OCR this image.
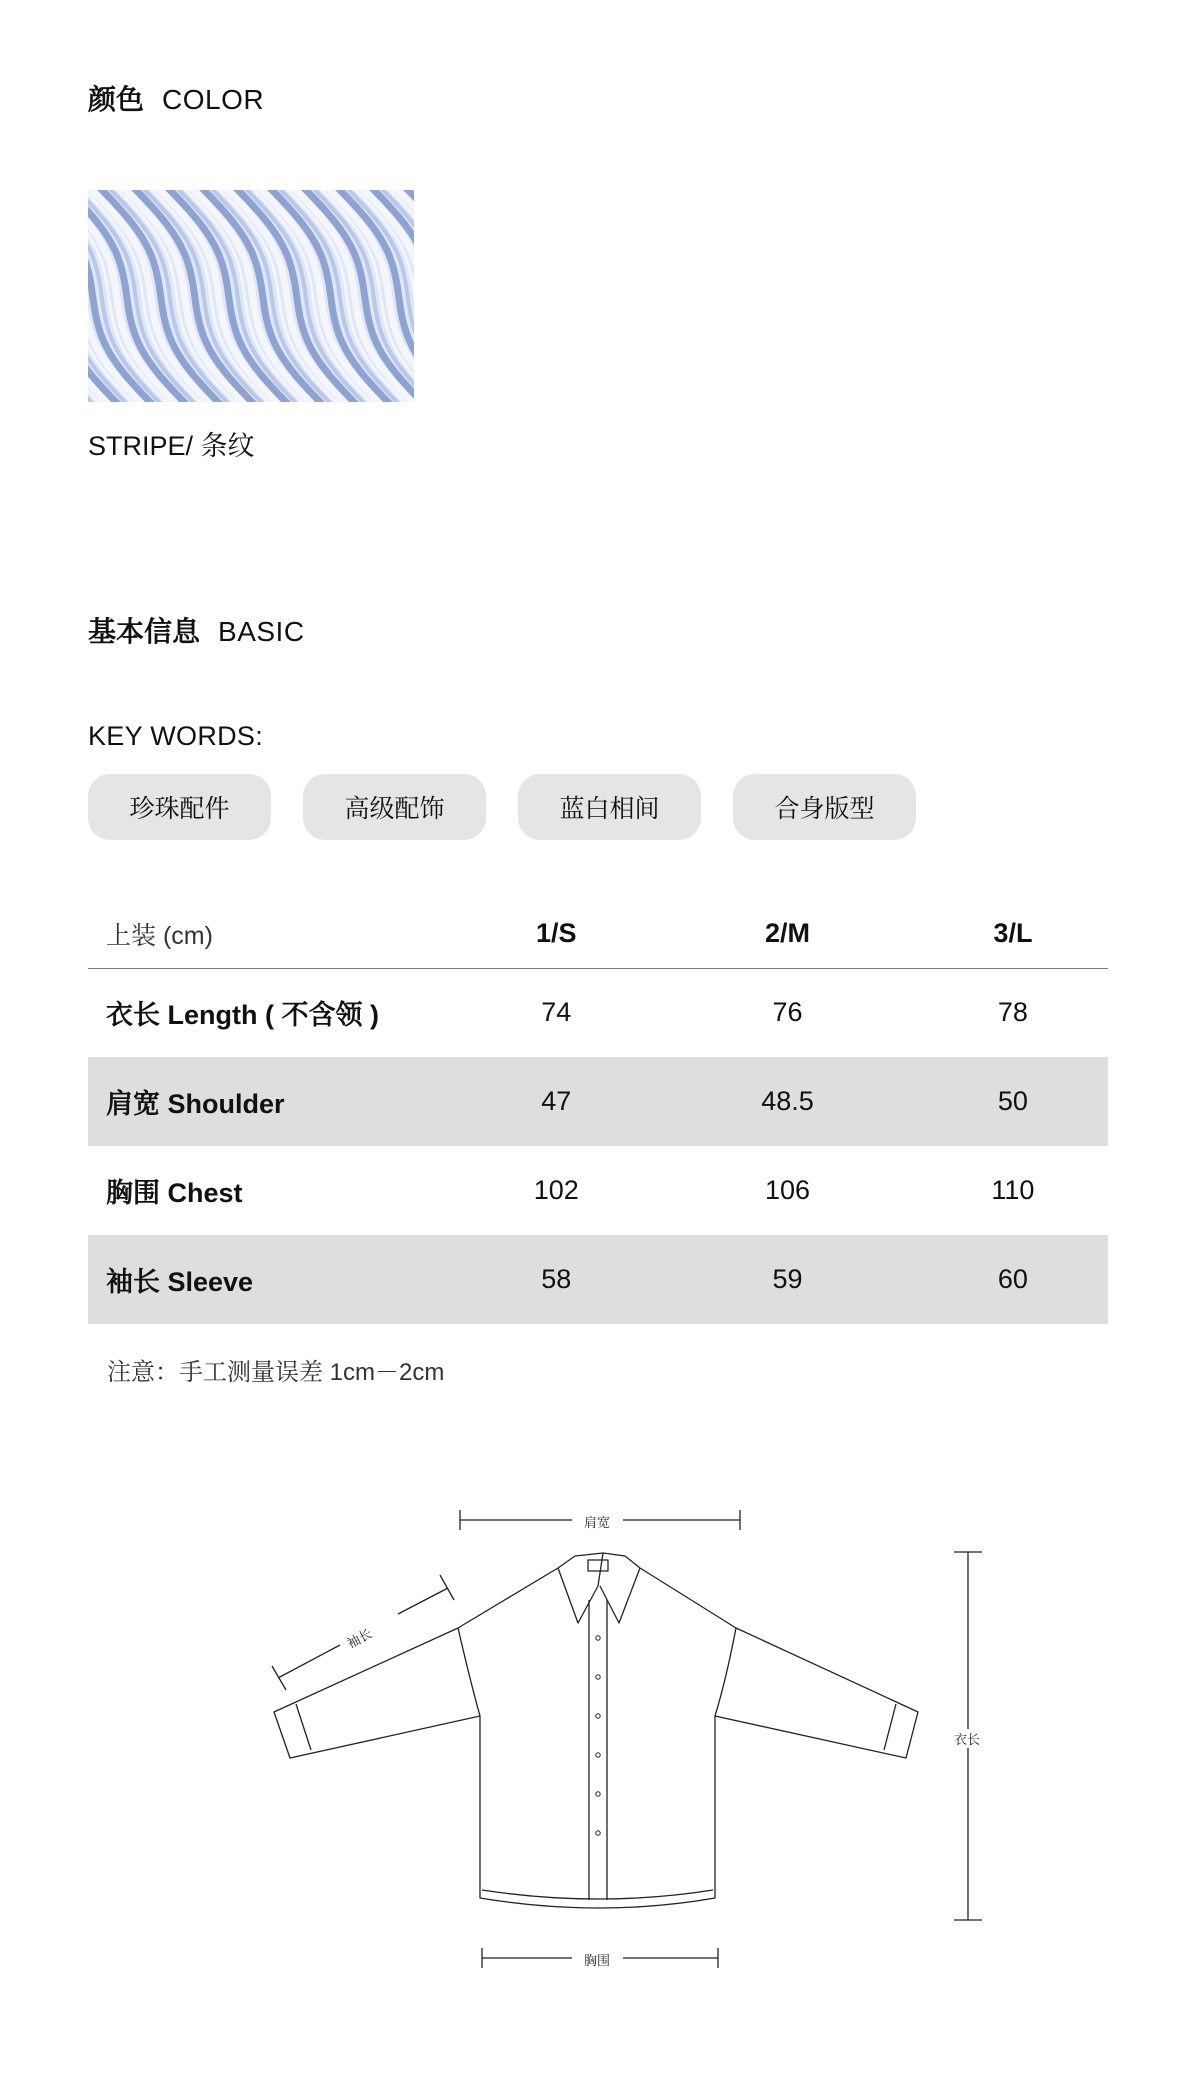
颜色 COLOR
STRIPE/ 条纹
基本信息 BASIC
KEY WORDS:
珍珠配件	高级配饰	蓝白相间	合身版型
上装 (cm)	1/S	2/M	3/L
衣长 Length ( 不含领 )	74	76	78
肩宽 Shoulder	47	48.5	50
胸围 Chest	102	106	110
袖长 Sleeve	58	59	60
注意：手工测量误差 1cm－2cm
肩宽
袖长
衣长
胸围
